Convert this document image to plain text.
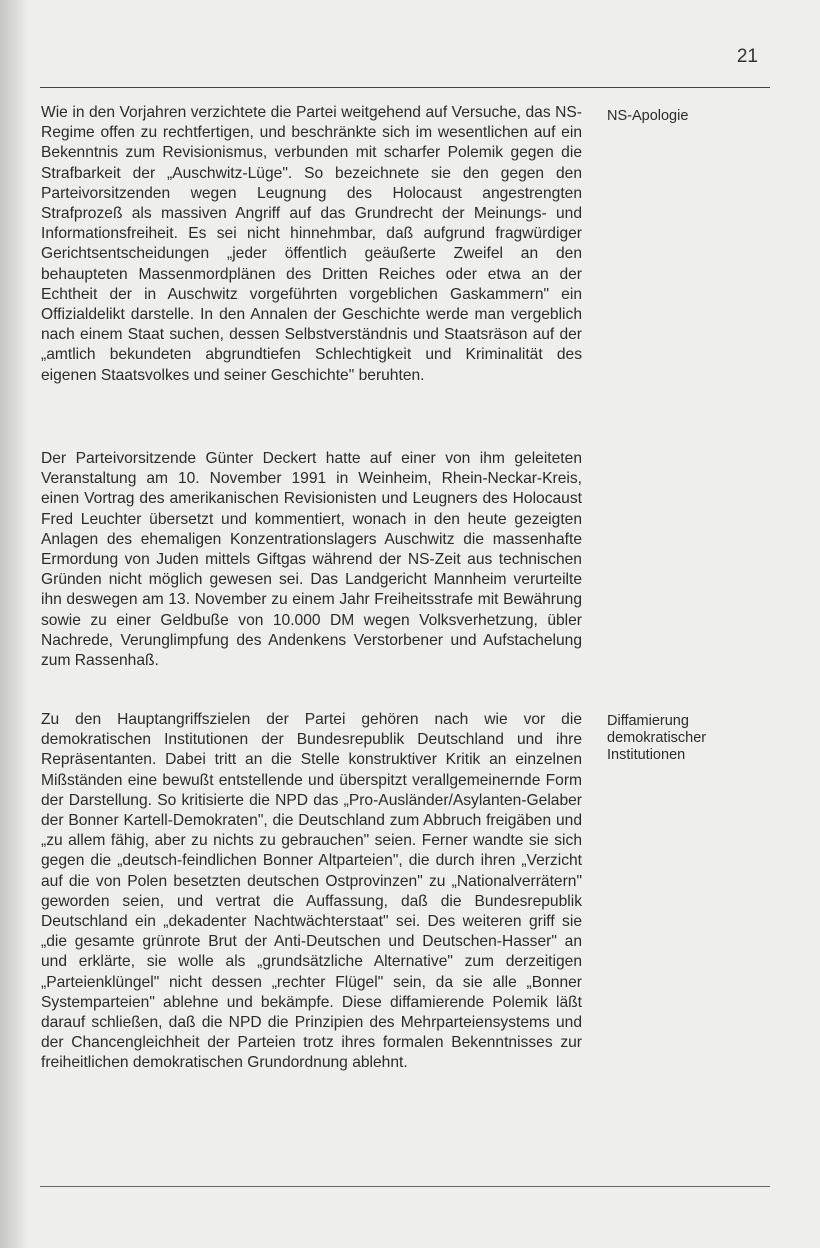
21

Wie in den Vorjahren verzichtete die Partei weitgehend auf Versuche, das NS-Regime offen zu rechtfertigen, und beschränkte sich im wesentlichen auf ein Bekenntnis zum Revisionismus, verbunden mit scharfer Polemik gegen die Strafbarkeit der „Auschwitz-Lüge". So bezeichnete sie den gegen den Parteivorsitzenden wegen Leugnung des Holocaust angestrengten Strafprozeß als massiven Angriff auf das Grundrecht der Meinungs- und Informationsfreiheit. Es sei nicht hinnehmbar, daß aufgrund fragwürdiger Gerichtsentscheidungen „jeder öffentlich geäußerte Zweifel an den behaupteten Massenmordplänen des Dritten Reiches oder etwa an der Echtheit der in Auschwitz vorgeführten vorgeblichen Gaskammern" ein Offizialdelikt darstelle. In den Annalen der Geschichte werde man vergeblich nach einem Staat suchen, dessen Selbstverständnis und Staatsräson auf der „amtlich bekundeten abgrundtiefen Schlechtigkeit und Kriminalität des eigenen Staatsvolkes und seiner Geschichte" beruhten.

Der Parteivorsitzende Günter Deckert hatte auf einer von ihm geleiteten Veranstaltung am 10. November 1991 in Weinheim, Rhein-Neckar-Kreis, einen Vortrag des amerikanischen Revisionisten und Leugners des Holocaust Fred Leuchter übersetzt und kommentiert, wonach in den heute gezeigten Anlagen des ehemaligen Konzentrationslagers Auschwitz die massenhafte Ermordung von Juden mittels Giftgas während der NS-Zeit aus technischen Gründen nicht möglich gewesen sei. Das Landgericht Mannheim verurteilte ihn deswegen am 13. November zu einem Jahr Freiheitsstrafe mit Bewährung sowie zu einer Geldbuße von 10.000 DM wegen Volksverhetzung, übler Nachrede, Verunglimpfung des Andenkens Verstorbener und Aufstachelung zum Rassenhaß.

Zu den Hauptangriffszielen der Partei gehören nach wie vor die demokratischen Institutionen der Bundesrepublik Deutschland und ihre Repräsentanten. Dabei tritt an die Stelle konstruktiver Kritik an einzelnen Mißständen eine bewußt entstellende und überspitzt verallgemeinernde Form der Darstellung. So kritisierte die NPD das „Pro-Ausländer/Asylanten-Gelaber der Bonner Kartell-Demokraten", die Deutschland zum Abbruch freigäben und „zu allem fähig, aber zu nichts zu gebrauchen" seien. Ferner wandte sie sich gegen die „deutsch-feindlichen Bonner Altparteien", die durch ihren „Verzicht auf die von Polen besetzten deutschen Ostprovinzen" zu „Nationalverrätern" geworden seien, und vertrat die Auffassung, daß die Bundesrepublik Deutschland ein „dekadenter Nachtwächterstaat" sei. Des weiteren griff sie „die gesamte grünrote Brut der Anti-Deutschen und Deutschen-Hasser" an und erklärte, sie wolle als „grundsätzliche Alternative" zum derzeitigen „Parteienklüngel" nicht dessen „rechter Flügel" sein, da sie alle „Bonner Systemparteien" ablehne und bekämpfe. Diese diffamierende Polemik läßt darauf schließen, daß die NPD die Prinzipien des Mehrparteiensystems und der Chancengleichheit der Parteien trotz ihres formalen Bekenntnisses zur freiheitlichen demokratischen Grundordnung ablehnt.

NS-Apologie
Diffamierung demokratischer Institutionen
